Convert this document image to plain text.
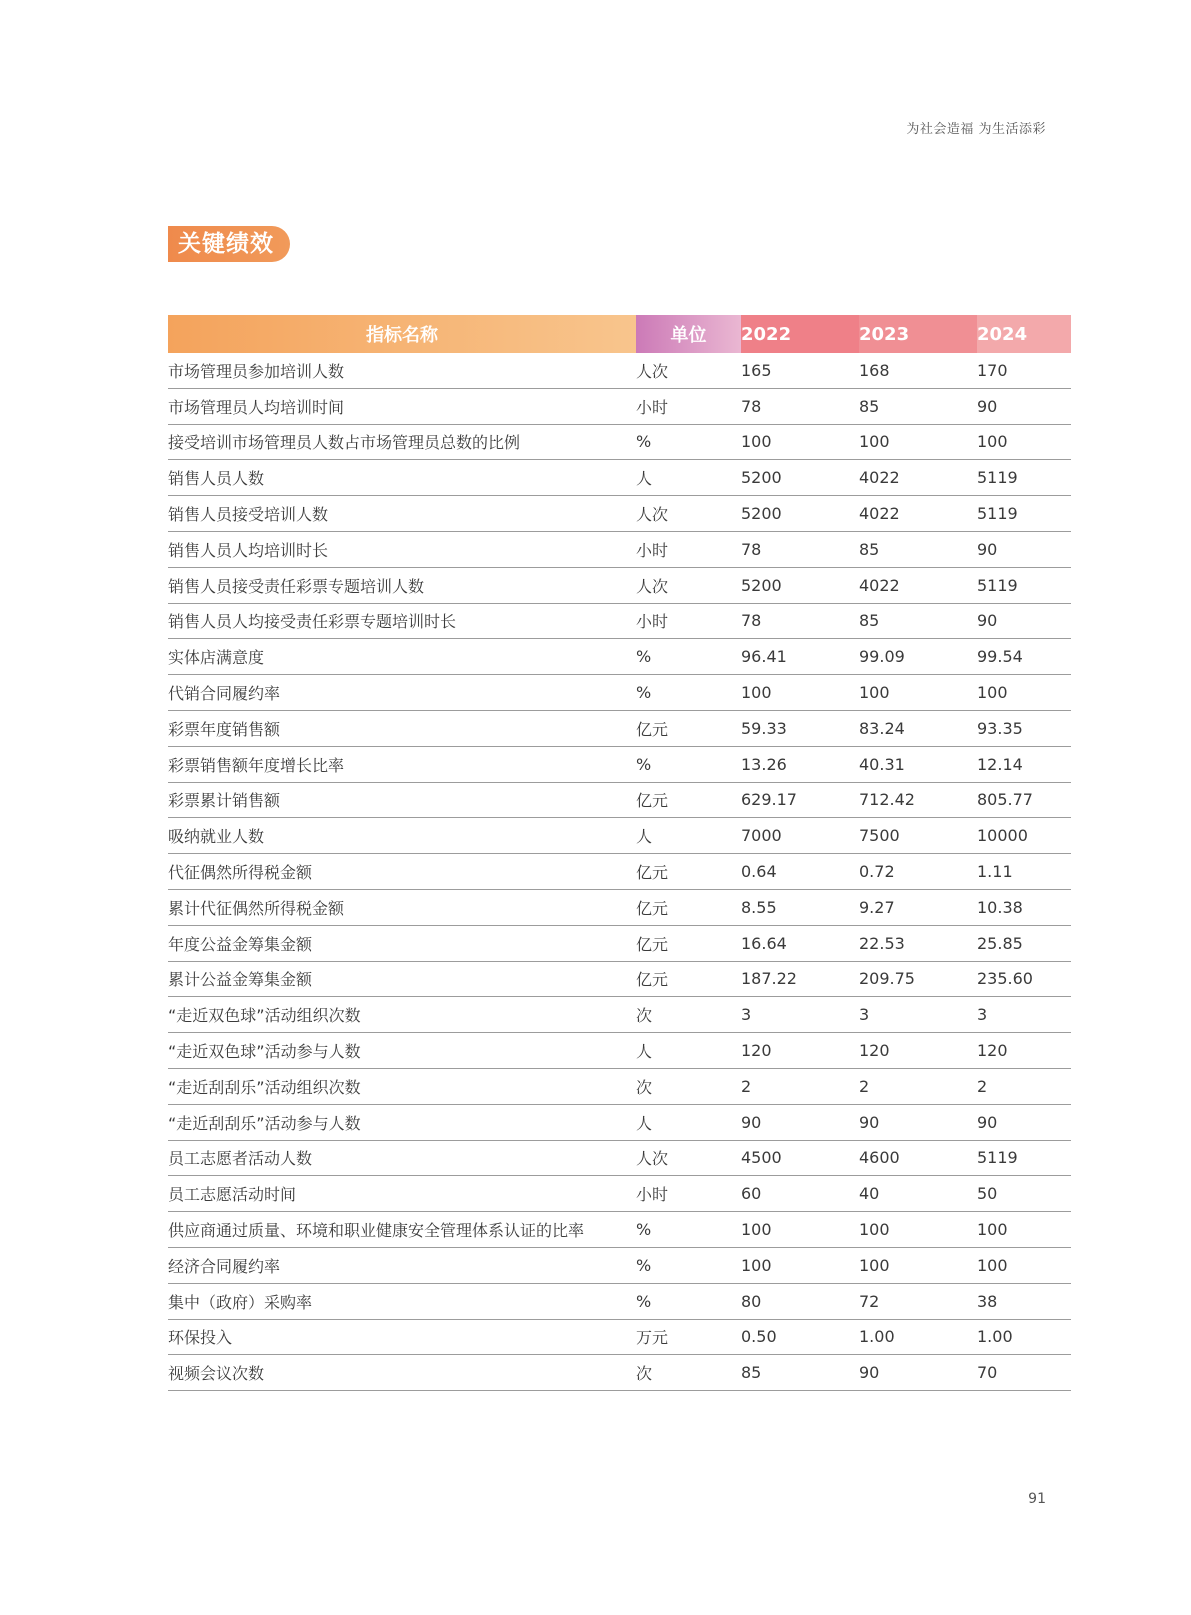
为社会造福 为生活添彩
关键绩效
指标名称	单位	2022	2023	2024
市场管理员参加培训人数	人次	165	168	170
市场管理员人均培训时间	小时	78	85	90
接受培训市场管理员人数占市场管理员总数的比例	%	100	100	100
销售人员人数	人	5200	4022	5119
销售人员接受培训人数	人次	5200	4022	5119
销售人员人均培训时长	小时	78	85	90
销售人员接受责任彩票专题培训人数	人次	5200	4022	5119
销售人员人均接受责任彩票专题培训时长	小时	78	85	90
实体店满意度	%	96.41	99.09	99.54
代销合同履约率	%	100	100	100
彩票年度销售额	亿元	59.33	83.24	93.35
彩票销售额年度增长比率	%	13.26	40.31	12.14
彩票累计销售额	亿元	629.17	712.42	805.77
吸纳就业人数	人	7000	7500	10000
代征偶然所得税金额	亿元	0.64	0.72	1.11
累计代征偶然所得税金额	亿元	8.55	9.27	10.38
年度公益金筹集金额	亿元	16.64	22.53	25.85
累计公益金筹集金额	亿元	187.22	209.75	235.60
“走近双色球”活动组织次数	次	3	3	3
“走近双色球”活动参与人数	人	120	120	120
“走近刮刮乐”活动组织次数	次	2	2	2
“走近刮刮乐”活动参与人数	人	90	90	90
员工志愿者活动人数	人次	4500	4600	5119
员工志愿活动时间	小时	60	40	50
供应商通过质量、环境和职业健康安全管理体系认证的比率	%	100	100	100
经济合同履约率	%	100	100	100
集中（政府）采购率	%	80	72	38
环保投入	万元	0.50	1.00	1.00
视频会议次数	次	85	90	70
91
